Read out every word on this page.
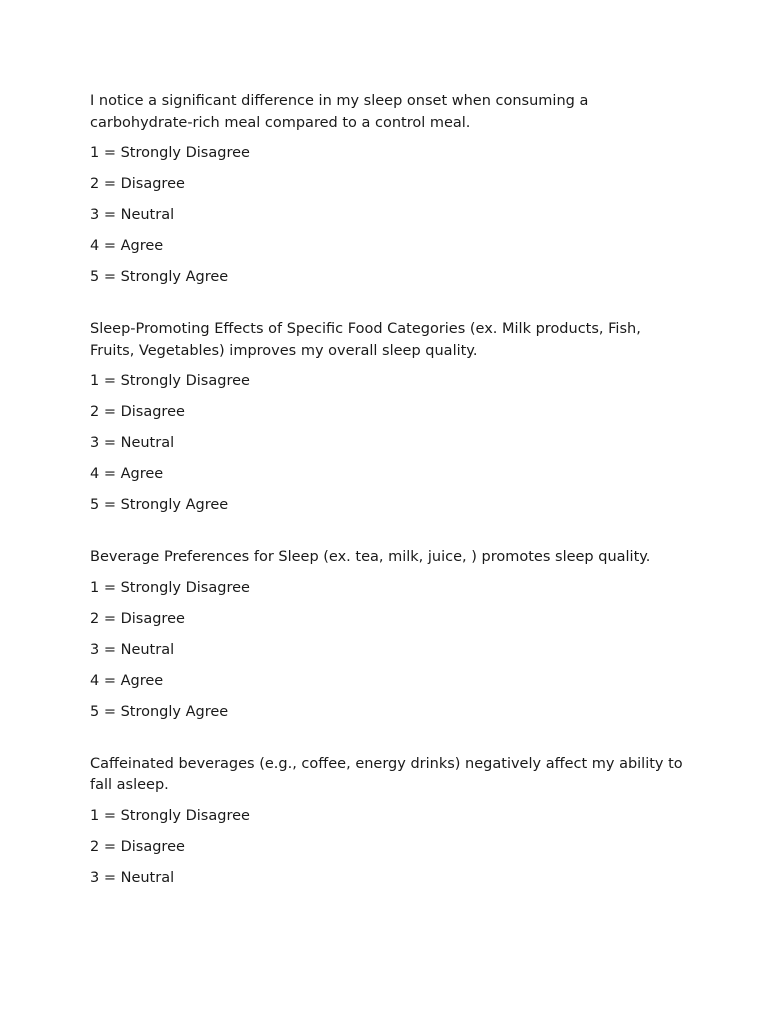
I notice a significant difference in my sleep onset when consuming a carbohydrate-rich meal compared to a control meal.

1 = Strongly Disagree

2 = Disagree

3 = Neutral

4 = Agree

5 = Strongly Agree

Sleep-Promoting Effects of Specific Food Categories (ex. Milk products, Fish, Fruits, Vegetables) improves my overall sleep quality.

1 = Strongly Disagree

2 = Disagree

3 = Neutral

4 = Agree

5 = Strongly Agree

Beverage Preferences for Sleep (ex. tea, milk, juice, ) promotes sleep quality.

1 = Strongly Disagree

2 = Disagree

3 = Neutral

4 = Agree

5 = Strongly Agree

Caffeinated beverages (e.g., coffee, energy drinks) negatively affect my ability to fall asleep.

1 = Strongly Disagree

2 = Disagree

3 = Neutral
